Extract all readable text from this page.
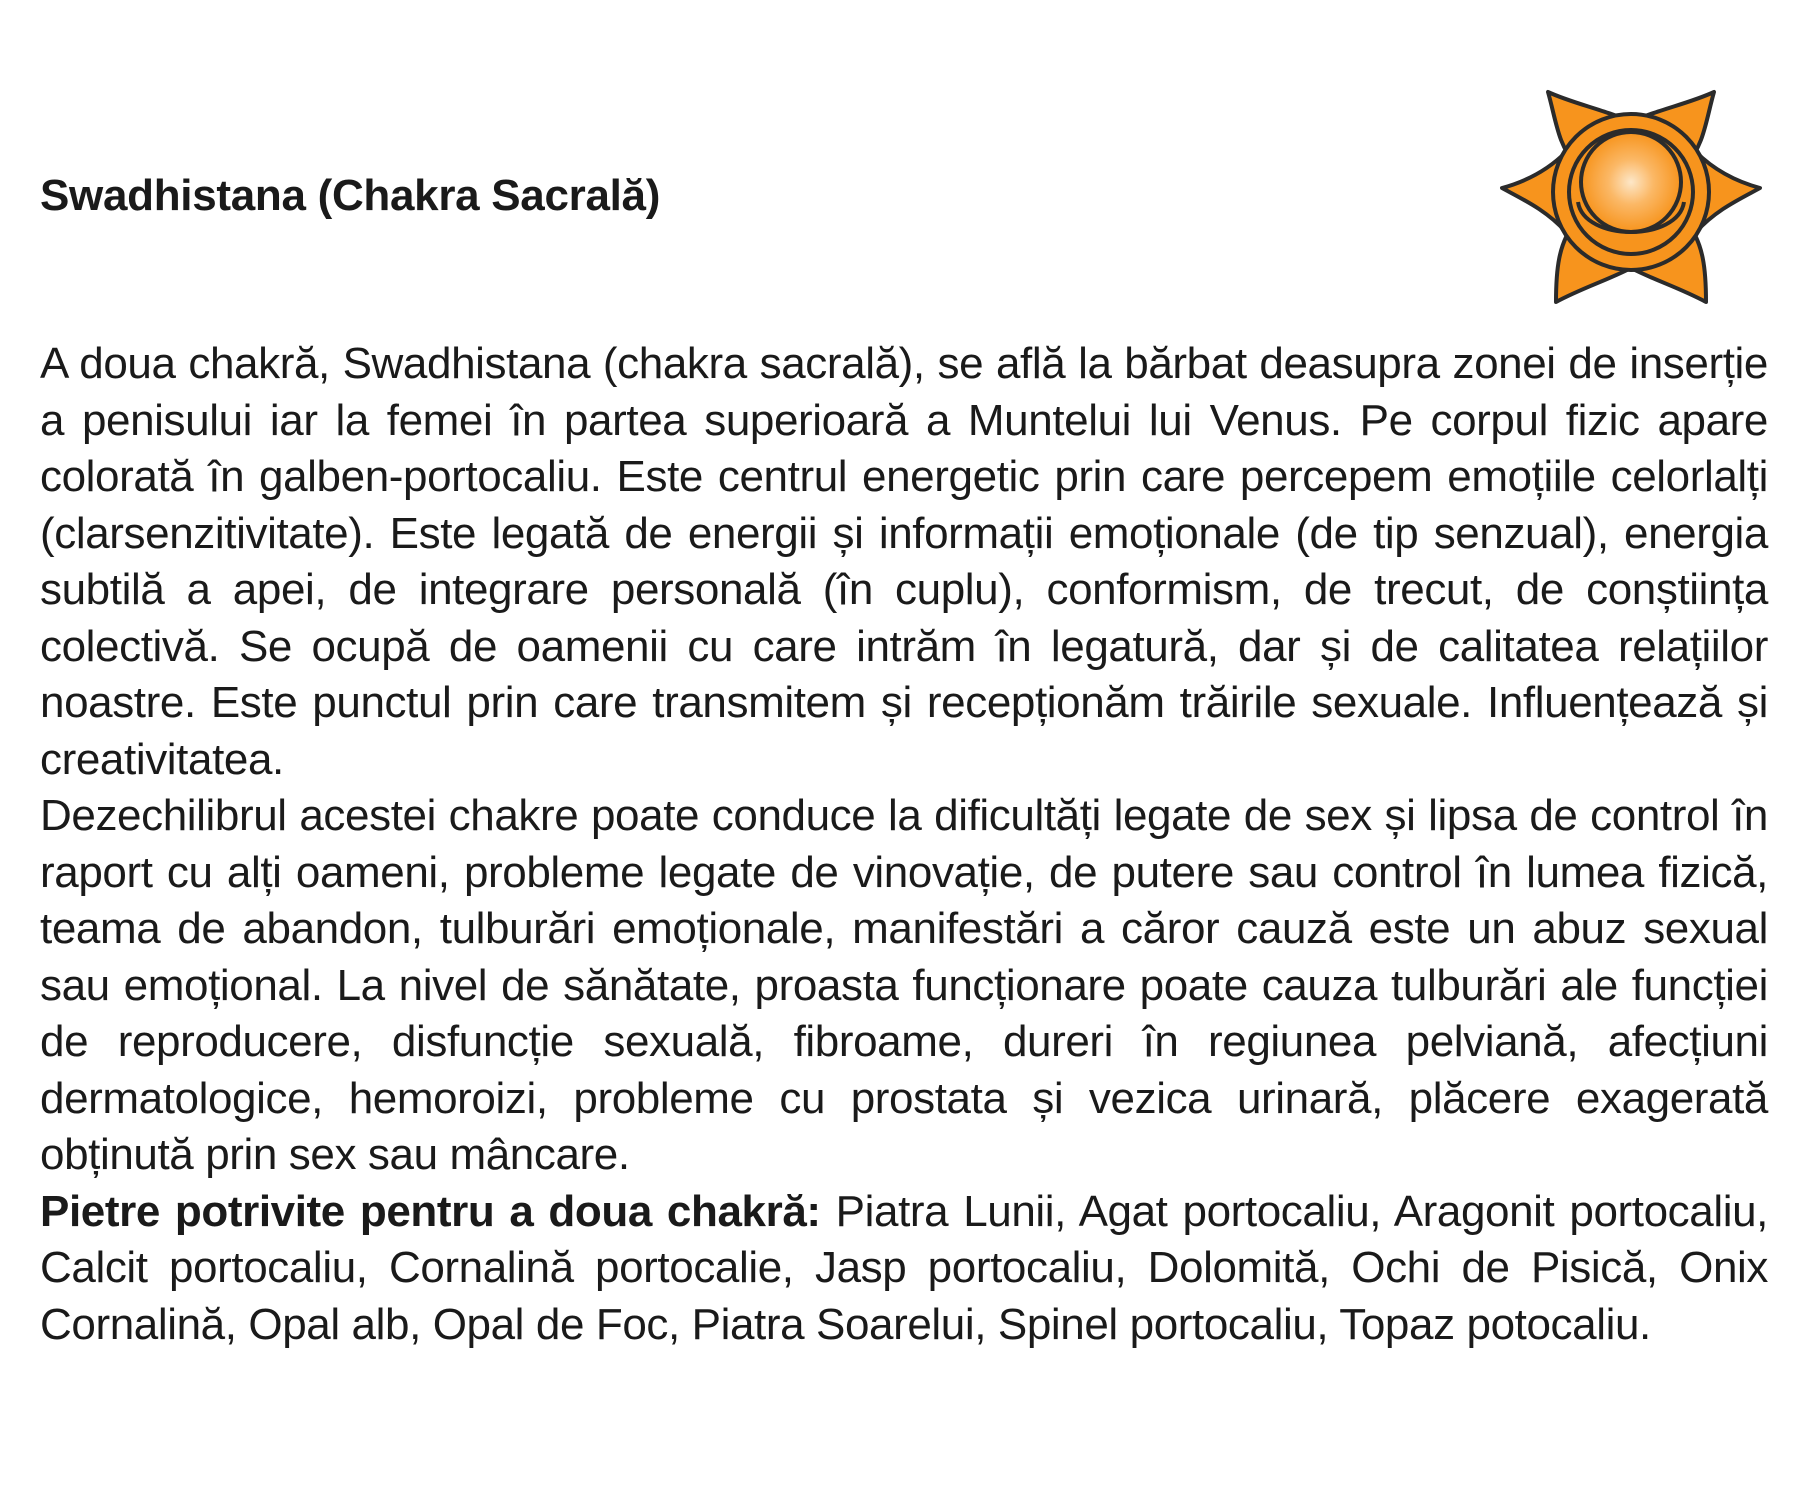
Swadhistana (Chakra Sacrală)

A doua chakră, Swadhistana (chakra sacrală), se află la bărbat deasupra zonei de inserție a penisului iar la femei în partea superioară a Muntelui lui Venus. Pe corpul fizic apare colorată în galben-portocaliu. Este centrul energetic prin care percepem emoțiile celorlalți (clarsenzitivitate). Este legată de energii și informații emoționale (de tip senzual), energia subtilă a apei, de integrare personală (în cuplu), conformism, de trecut, de conștiința colectivă. Se ocupă de oamenii cu care intrăm în legatură, dar și de calitatea relațiilor noastre. Este punctul prin care transmitem și recepționăm trăirile sexuale. Influențează și creativitatea.

Dezechilibrul acestei chakre poate conduce la dificultăți legate de sex și lipsa de control în raport cu alți oameni, probleme legate de vinovație, de putere sau control în lumea fizică, teama de abandon, tulburări emoționale, manifestări a căror cauză este un abuz sexual sau emoțional. La nivel de sănătate, proasta funcționare poate cauza tulburări ale funcției de reproducere, disfuncție sexuală, fibroame, dureri în regiunea pelviană, afecțiuni dermatologice, hemoroizi, probleme cu prostata și vezica urinară, plăcere exagerată obținută prin sex sau mâncare.

Pietre potrivite pentru a doua chakră: Piatra Lunii, Agat portocaliu, Aragonit portocaliu, Calcit portocaliu, Cornalină portocalie, Jasp portocaliu, Dolomită, Ochi de Pisică, Onix Cornalină, Opal alb, Opal de Foc, Piatra Soarelui, Spinel portocaliu, Topaz potocaliu.
